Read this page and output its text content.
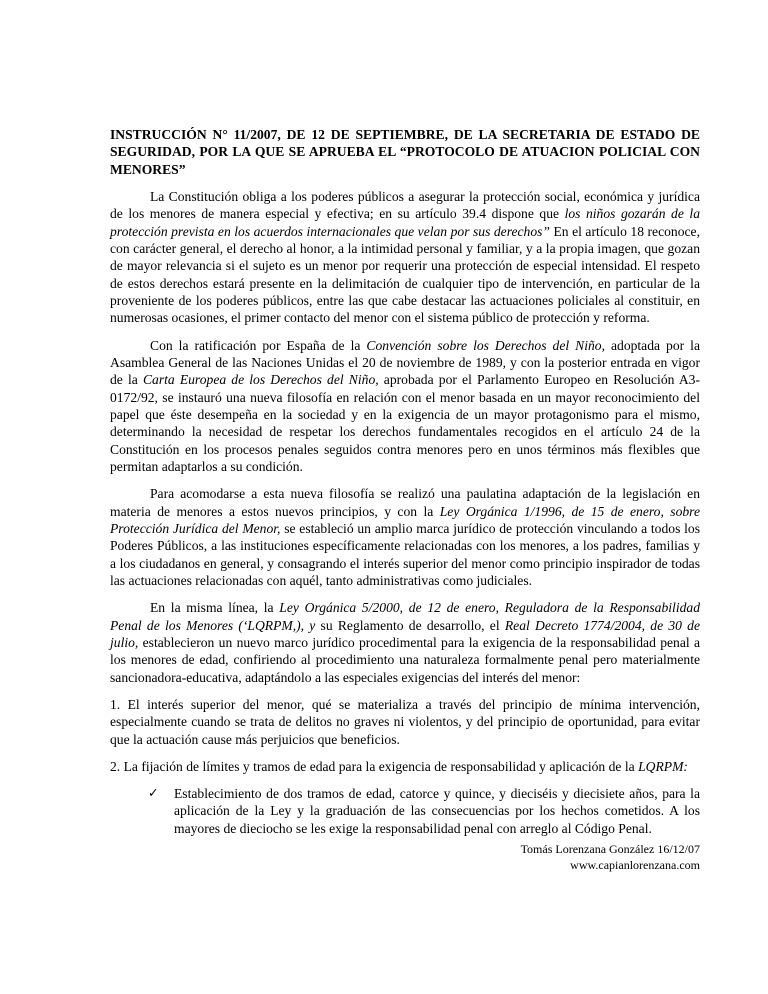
INSTRUCCIÓN N° 11/2007, DE 12 DE SEPTIEMBRE, DE LA SECRETARIA DE ESTADO DE SEGURIDAD, POR LA QUE SE APRUEBA EL “PROTOCOLO DE ATUACION POLICIAL CON MENORES”

La Constitución obliga a los poderes públicos a asegurar la protección social, económica y jurídica de los menores de manera especial y efectiva; en su artículo 39.4 dispone que los niños gozarán de la protección prevista en los acuerdos internacionales que velan por sus derechos” En el artículo 18 reconoce, con carácter general, el derecho al honor, a la intimidad personal y familiar, y a la propia imagen, que gozan de mayor relevancia si el sujeto es un menor por requerir una protección de especial intensidad. El respeto de estos derechos estará presente en la delimitación de cualquier tipo de intervención, en particular de la proveniente de los poderes públicos, entre las que cabe destacar las actuaciones policiales al constituir, en numerosas ocasiones, el primer contacto del menor con el sistema público de protección y reforma.

Con la ratificación por España de la Convención sobre los Derechos del Niño, adoptada por la Asamblea General de las Naciones Unidas el 20 de noviembre de 1989, y con la posterior entrada en vigor de la Carta Europea de los Derechos del Niño, aprobada por el Parlamento Europeo en Resolución A3-0172/92, se instauró una nueva filosofía en relación con el menor basada en un mayor reconocimiento del papel que éste desempeña en la sociedad y en la exigencia de un mayor protagonismo para el mismo, determinando la necesidad de respetar los derechos fundamentales recogidos en el artículo 24 de la Constitución en los procesos penales seguidos contra menores pero en unos términos más flexibles que permitan adaptarlos a su condición.

Para acomodarse a esta nueva filosofía se realizó una paulatina adaptación de la legislación en materia de menores a estos nuevos principios, y con la Ley Orgánica 1/1996, de 15 de enero, sobre Protección Jurídica del Menor, se estableció un amplio marca jurídico de protección vinculando a todos los Poderes Públicos, a las instituciones específicamente relacionadas con los menores, a los padres, familias y a los ciudadanos en general, y consagrando el interés superior del menor como principio inspirador de todas las actuaciones relacionadas con aquél, tanto administrativas como judiciales.

En la misma línea, la Ley Orgánica 5/2000, de 12 de enero, Reguladora de la Responsabilidad Penal de los Menores (‘LQRPM,), y su Reglamento de desarrollo, el Real Decreto 1774/2004, de 30 de julio, establecieron un nuevo marco jurídico procedimental para la exigencia de la responsabilidad penal a los menores de edad, confiriendo al procedimiento una naturaleza formalmente penal pero materialmente sancionadora-educativa, adaptándolo a las especiales exigencias del interés del menor:

1. El interés superior del menor, qué se materializa a través del principio de mínima intervención, especialmente cuando se trata de delitos no graves ni violentos, y del principio de oportunidad, para evitar que la actuación cause más perjuicios que beneficios.

2. La fijación de límites y tramos de edad para la exigencia de responsabilidad y aplicación de la LQRPM:

✓	Establecimiento de dos tramos de edad, catorce y quince, y dieciséis y diecisiete años, para la aplicación de la Ley y la graduación de las consecuencias por los hechos cometidos. A los mayores de dieciocho se les exige la responsabilidad penal con arreglo al Código Penal.
Tomás Lorenzana González 16/12/07
www.capianlorenzana.com
